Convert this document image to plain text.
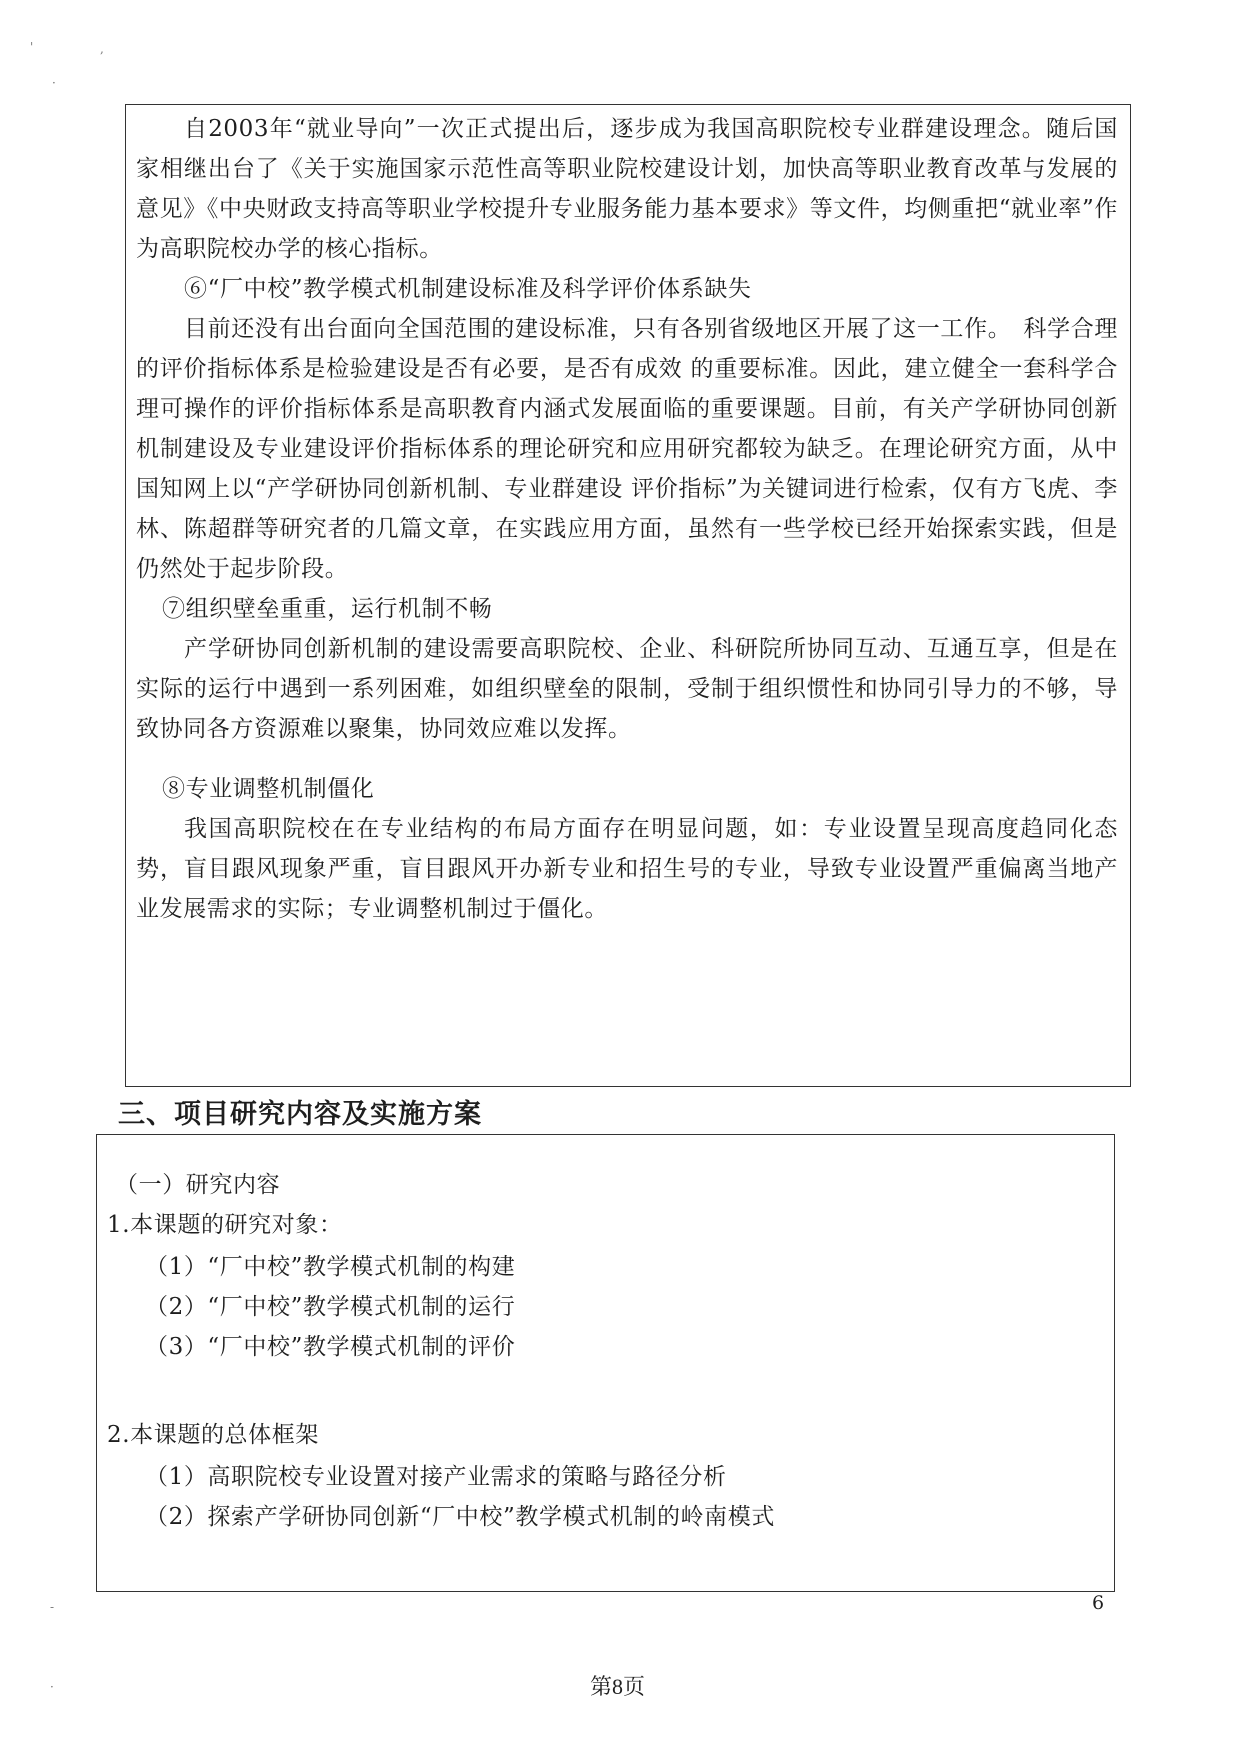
'	,
·
-
·

自2003年“就业导向”一次正式提出后，逐步成为我国高职院校专业群建设理念。随后国家相继出台了《关于实施国家示范性高等职业院校建设计划，加快高等职业教育改革与发展的意见》《中央财政支持高等职业学校提升专业服务能力基本要求》等文件，均侧重把“就业率”作为高职院校办学的核心指标。

⑥“厂中校”教学模式机制建设标准及科学评价体系缺失

目前还没有出台面向全国范围的建设标准，只有各别省级地区开展了这一工作。　科学合理的评价指标体系是检验建设是否有必要，是否有成效 的重要标准。因此，建立健全一套科学合理可操作的评价指标体系是高职教育内涵式发展面临的重要课题。目前，有关产学研协同创新机制建设及专业建设评价指标体系的理论研究和应用研究都较为缺乏。在理论研究方面，从中国知网上以“产学研协同创新机制、专业群建设 评价指标”为关键词进行检索，仅有方飞虎、李林、陈超群等研究者的几篇文章，在实践应用方面，虽然有一些学校已经开始探索实践，但是仍然处于起步阶段。

⑦组织壁垒重重，运行机制不畅

产学研协同创新机制的建设需要高职院校、企业、科研院所协同互动、互通互享，但是在实际的运行中遇到一系列困难，如组织壁垒的限制，受制于组织惯性和协同引导力的不够，导致协同各方资源难以聚集，协同效应难以发挥。

⑧专业调整机制僵化

我国高职院校在在专业结构的布局方面存在明显问题，如：专业设置呈现高度趋同化态势，盲目跟风现象严重，盲目跟风开办新专业和招生号的专业，导致专业设置严重偏离当地产业发展需求的实际；专业调整机制过于僵化。

三、项目研究内容及实施方案
（一）研究内容
1.本课题的研究对象：
（1）“厂中校”教学模式机制的构建
（2）“厂中校”教学模式机制的运行
（3）“厂中校”教学模式机制的评价
2.本课题的总体框架
（1）高职院校专业设置对接产业需求的策略与路径分析
（2）探索产学研协同创新“厂中校”教学模式机制的岭南模式
6
第8页
